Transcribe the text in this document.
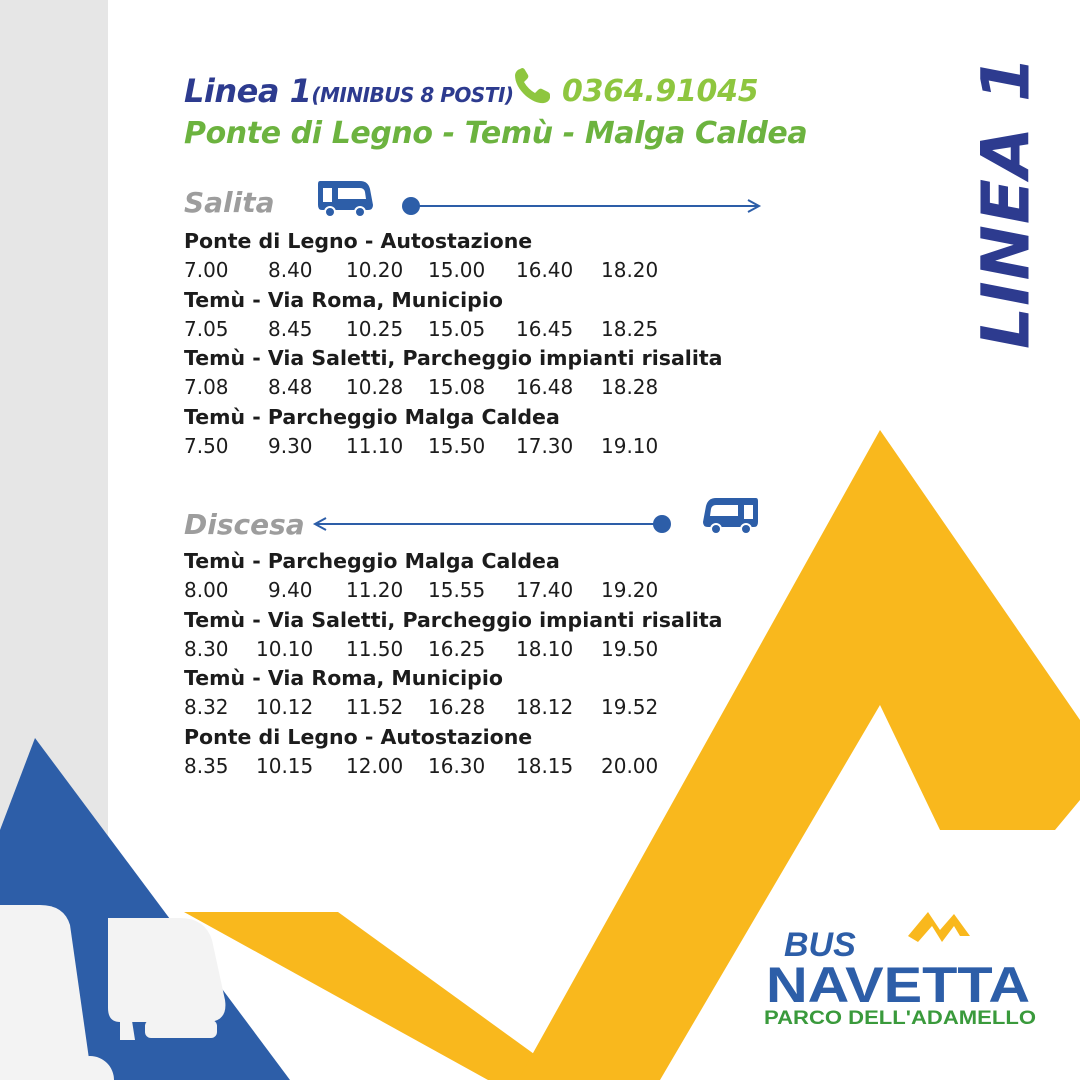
Linea 1(MINIBUS 8 POSTI) 0364.91045
Ponte di Legno - Temù - Malga Caldea LINEA 1
Salita
Ponte di Legno - Autostazione
7.00 8.40 10.20 15.00 16.40 18.20
Temù - Via Roma, Municipio
7.05 8.45 10.25 15.05 16.45 18.25
Temù - Via Saletti, Parcheggio impianti risalita
7.08 8.48 10.28 15.08 16.48 18.28
Temù - Parcheggio Malga Caldea
7.50 9.30 11.10 15.50 17.30 19.10
Discesa
Temù - Parcheggio Malga Caldea
8.00 9.40 11.20 15.55 17.40 19.20
Temù - Via Saletti, Parcheggio impianti risalita
8.30 10.10 11.50 16.25 18.10 19.50
Temù - Via Roma, Municipio
8.32 10.12 11.52 16.28 18.12 19.52
Ponte di Legno - Autostazione
8.35 10.15 12.00 16.30 18.15 20.00
BUS
NAVETTA
PARCO DELL'ADAMELLO
